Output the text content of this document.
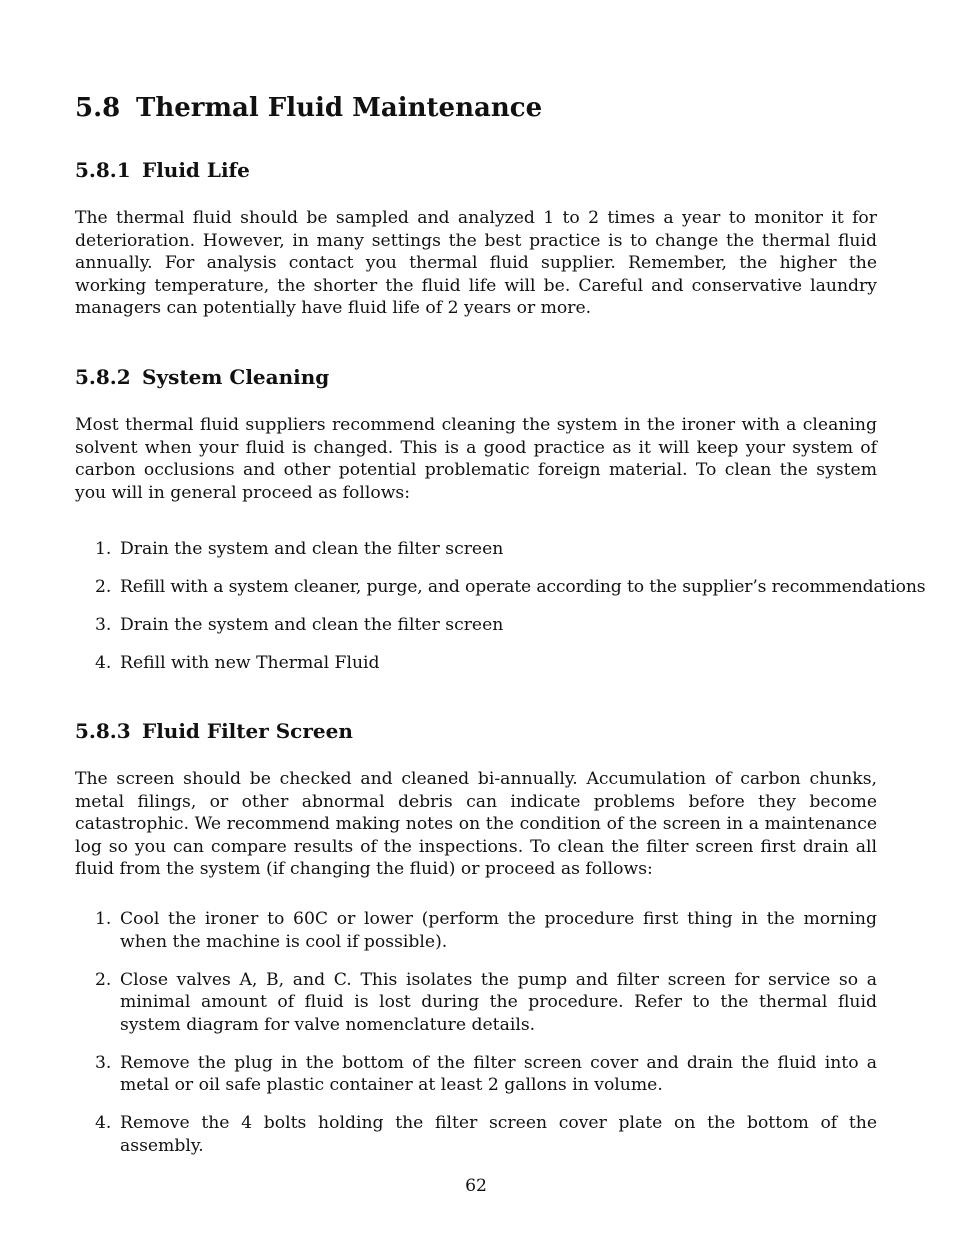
5.8 Thermal Fluid Maintenance
5.8.1 Fluid Life

The thermal fluid should be sampled and analyzed 1 to 2 times a year to monitor it for deterioration. However, in many settings the best practice is to change the thermal fluid annually. For analysis contact you thermal fluid supplier. Remember, the higher the working temperature, the shorter the fluid life will be. Careful and conservative laundry managers can potentially have fluid life of 2 years or more.

5.8.2 System Cleaning

Most thermal fluid suppliers recommend cleaning the system in the ironer with a cleaning solvent when your fluid is changed. This is a good practice as it will keep your system of carbon occlusions and other potential problematic foreign material. To clean the system you will in general proceed as follows:

1. Drain the system and clean the filter screen
2. Refill with a system cleaner, purge, and operate according to the supplier’s recommendations
3. Drain the system and clean the filter screen
4. Refill with new Thermal Fluid
5.8.3 Fluid Filter Screen

The screen should be checked and cleaned bi-annually. Accumulation of carbon chunks, metal filings, or other abnormal debris can indicate problems before they become catastrophic. We recommend making notes on the condition of the screen in a maintenance log so you can compare results of the inspections. To clean the filter screen first drain all fluid from the system (if changing the fluid) or proceed as follows:

1. Cool the ironer to 60C or lower (perform the procedure first thing in the morning when the machine is cool if possible).
2. Close valves A, B, and C. This isolates the pump and filter screen for service so a minimal amount of fluid is lost during the procedure. Refer to the thermal fluid system diagram for valve nomenclature details.
3. Remove the plug in the bottom of the filter screen cover and drain the fluid into a metal or oil safe plastic container at least 2 gallons in volume.
4. Remove the 4 bolts holding the filter screen cover plate on the bottom of the assembly.

62
